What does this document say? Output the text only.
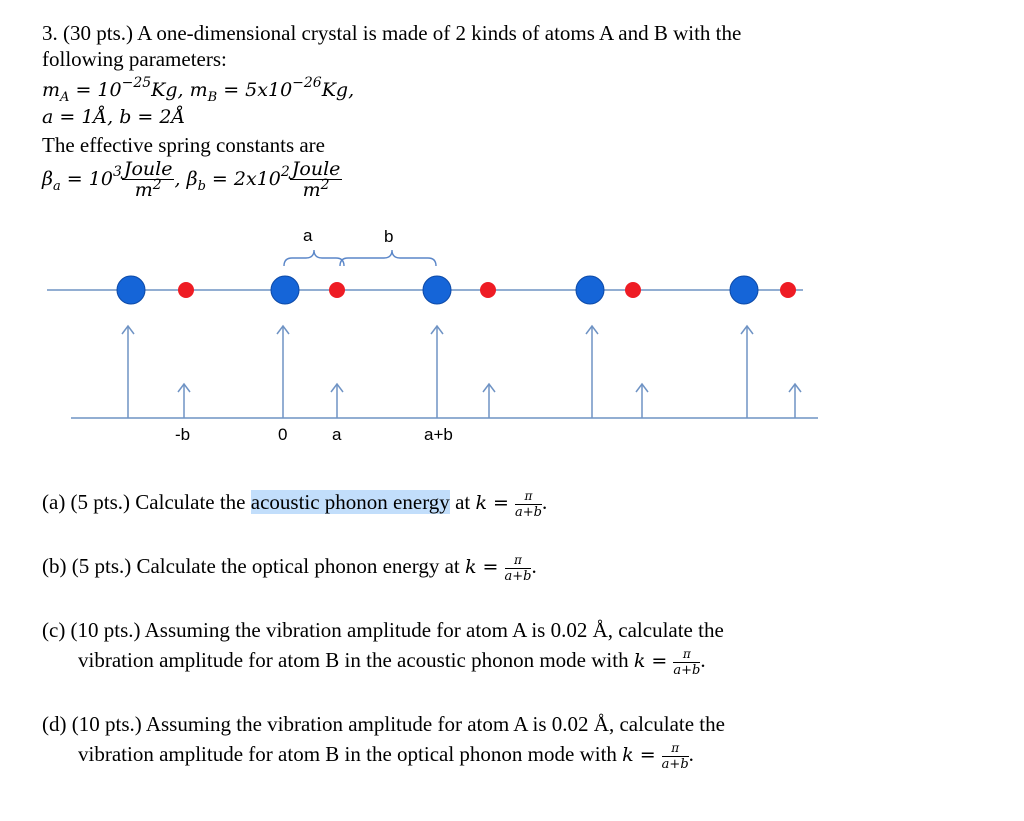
3. (30 pts.) A one-dimensional crystal is made of 2 kinds of atoms A and B with the
following parameters:
$m_A = 10^{-25}Kg$, $m_B = 5x10^{-26}Kg$,
a = 1Å, b = 2Å
The effective spring constants are
$\beta_a = 10^3 \frac{\text{Joule}}{m^2}$ , $\beta_b = 2x10^2 \frac{\text{Joule}}{m^2}$
a	b
-b	0	a	a+b
(a) (5 pts.) Calculate the acoustic phonon energy at $k = \frac{\pi}{a+b}$ .
(b) (5 pts.) Calculate the optical phonon energy at $k = \frac{\pi}{a+b}$ .
(c) (10 pts.) Assuming the vibration amplitude for atom A is 0.02 Å, calculate the
vibration amplitude for atom B in the acoustic phonon mode with $k = \frac{\pi}{a+b}$ .
(d) (10 pts.) Assuming the vibration amplitude for atom A is 0.02 Å, calculate the
vibration amplitude for atom B in the optical phonon mode with $k = \frac{\pi}{a+b}$ .
